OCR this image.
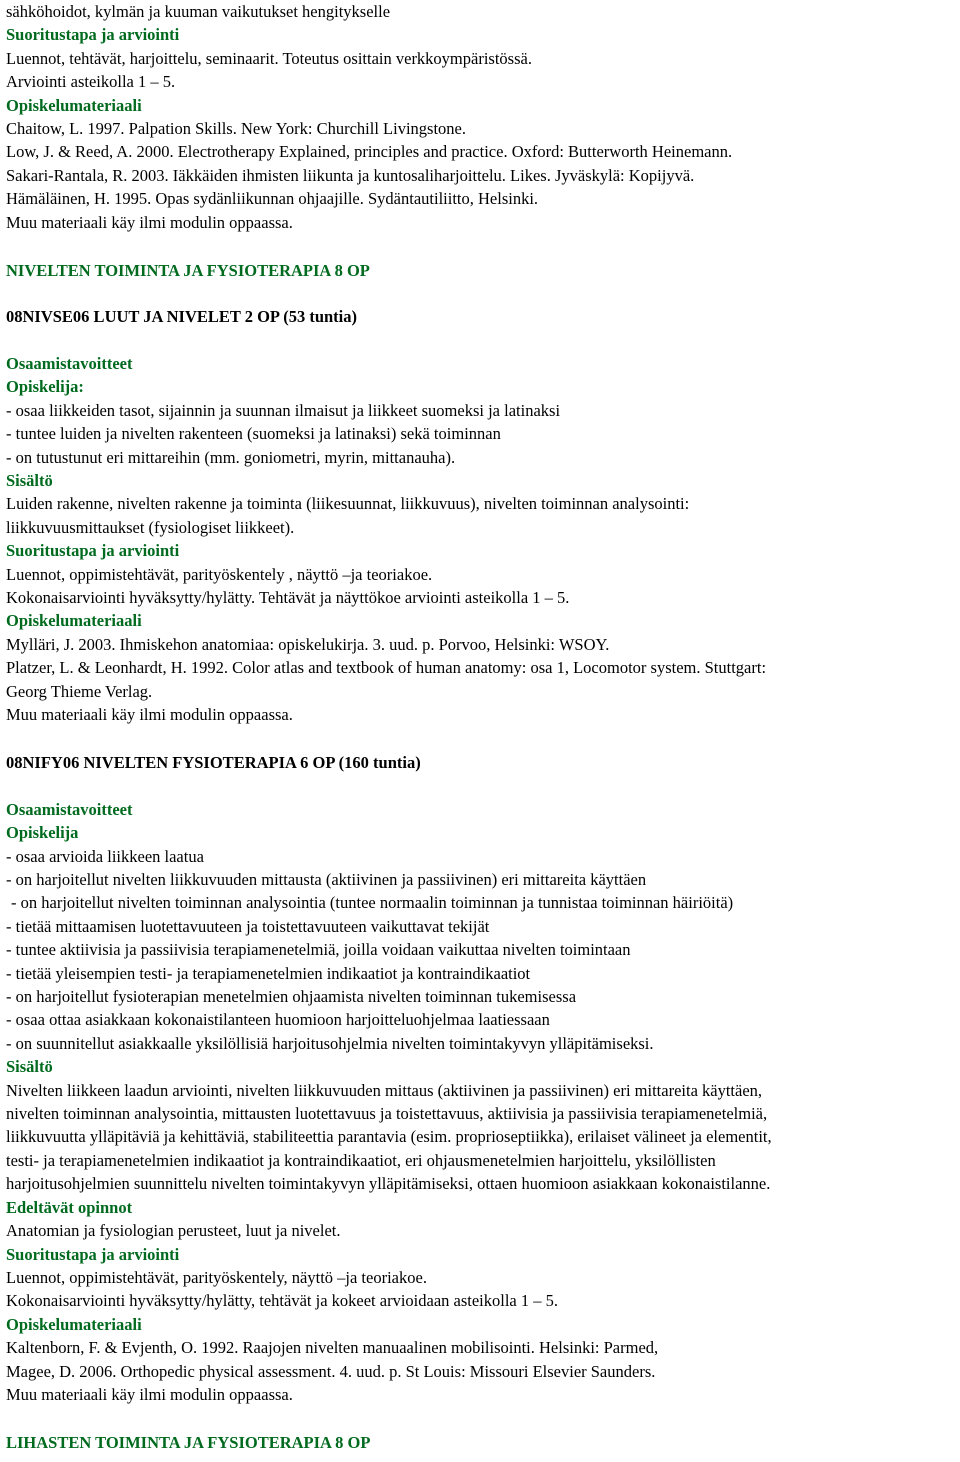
sähköhoidot, kylmän ja kuuman vaikutukset hengitykselle
Suoritustapa ja arviointi
Luennot, tehtävät, harjoittelu, seminaarit. Toteutus osittain verkkoympäristössä.
Arviointi asteikolla 1 – 5.
Opiskelumateriaali
Chaitow, L. 1997. Palpation Skills. New York: Churchill Livingstone.
Low, J. & Reed, A. 2000. Electrotherapy Explained, principles and practice. Oxford: Butterworth Heinemann.
Sakari-Rantala, R. 2003. Iäkkäiden ihmisten liikunta ja kuntosaliharjoittelu. Likes. Jyväskylä: Kopijyvä.
Hämäläinen, H. 1995. Opas sydänliikunnan ohjaajille. Sydäntautiliitto, Helsinki.
Muu materiaali käy ilmi modulin oppaassa.
NIVELTEN TOIMINTA JA FYSIOTERAPIA 8 OP
08NIVSE06 LUUT JA NIVELET 2 OP (53 tuntia)
Osaamistavoitteet
Opiskelija:
- osaa liikkeiden tasot, sijainnin ja suunnan ilmaisut ja liikkeet suomeksi ja latinaksi
- tuntee luiden ja nivelten rakenteen (suomeksi ja latinaksi) sekä toiminnan
- on tutustunut eri mittareihin (mm. goniometri, myrin, mittanauha).
Sisältö
Luiden rakenne, nivelten rakenne ja toiminta (liikesuunnat, liikkuvuus), nivelten toiminnan analysointi:
liikkuvuusmittaukset (fysiologiset liikkeet).
Suoritustapa ja arviointi
Luennot, oppimistehtävät, parityöskentely , näyttö –ja teoriakoe.
Kokonaisarviointi hyväksytty/hylätty. Tehtävät ja näyttökoe arviointi asteikolla 1 – 5.
Opiskelumateriaali
Mylläri, J. 2003. Ihmiskehon anatomiaa: opiskelukirja. 3. uud. p. Porvoo, Helsinki: WSOY.
Platzer, L. & Leonhardt, H. 1992. Color atlas and textbook of human anatomy: osa 1, Locomotor system. Stuttgart:
Georg Thieme Verlag.
Muu materiaali käy ilmi modulin oppaassa.
08NIFY06 NIVELTEN FYSIOTERAPIA 6 OP (160 tuntia)
Osaamistavoitteet
Opiskelija
- osaa arvioida liikkeen laatua
- on harjoitellut nivelten liikkuvuuden mittausta (aktiivinen ja passiivinen) eri mittareita käyttäen
- on harjoitellut nivelten toiminnan analysointia (tuntee normaalin toiminnan ja tunnistaa toiminnan häiriöitä)
- tietää mittaamisen luotettavuuteen ja toistettavuuteen vaikuttavat tekijät
- tuntee aktiivisia ja passiivisia terapiamenetelmiä, joilla voidaan vaikuttaa nivelten toimintaan
- tietää yleisempien testi- ja terapiamenetelmien indikaatiot ja kontraindikaatiot
- on harjoitellut fysioterapian menetelmien ohjaamista nivelten toiminnan tukemisessa
- osaa ottaa asiakkaan kokonaistilanteen huomioon harjoitteluohjelmaa laatiessaan
- on suunnitellut asiakkaalle yksilöllisiä harjoitusohjelmia nivelten toimintakyvyn ylläpitämiseksi.
Sisältö
Nivelten liikkeen laadun arviointi, nivelten liikkuvuuden mittaus (aktiivinen ja passiivinen) eri mittareita käyttäen,
nivelten toiminnan analysointia, mittausten luotettavuus ja toistettavuus, aktiivisia ja passiivisia terapiamenetelmiä,
liikkuvuutta ylläpitäviä ja kehittäviä, stabiliteettia parantavia (esim. proprioseptiikka), erilaiset välineet ja elementit,
testi- ja terapiamenetelmien indikaatiot ja kontraindikaatiot, eri ohjausmenetelmien harjoittelu, yksilöllisten
harjoitusohjelmien suunnittelu nivelten toimintakyvyn ylläpitämiseksi, ottaen huomioon asiakkaan kokonaistilanne.
Edeltävät opinnot
Anatomian ja fysiologian perusteet, luut ja nivelet.
Suoritustapa ja arviointi
Luennot, oppimistehtävät, parityöskentely, näyttö –ja teoriakoe.
Kokonaisarviointi hyväksytty/hylätty, tehtävät ja kokeet arvioidaan asteikolla 1 – 5.
Opiskelumateriaali
Kaltenborn, F. & Evjenth, O. 1992. Raajojen nivelten manuaalinen mobilisointi. Helsinki: Parmed,
Magee, D. 2006. Orthopedic physical assessment. 4. uud. p. St Louis: Missouri Elsevier Saunders.
Muu materiaali käy ilmi modulin oppaassa.
LIHASTEN TOIMINTA JA FYSIOTERAPIA 8 OP
